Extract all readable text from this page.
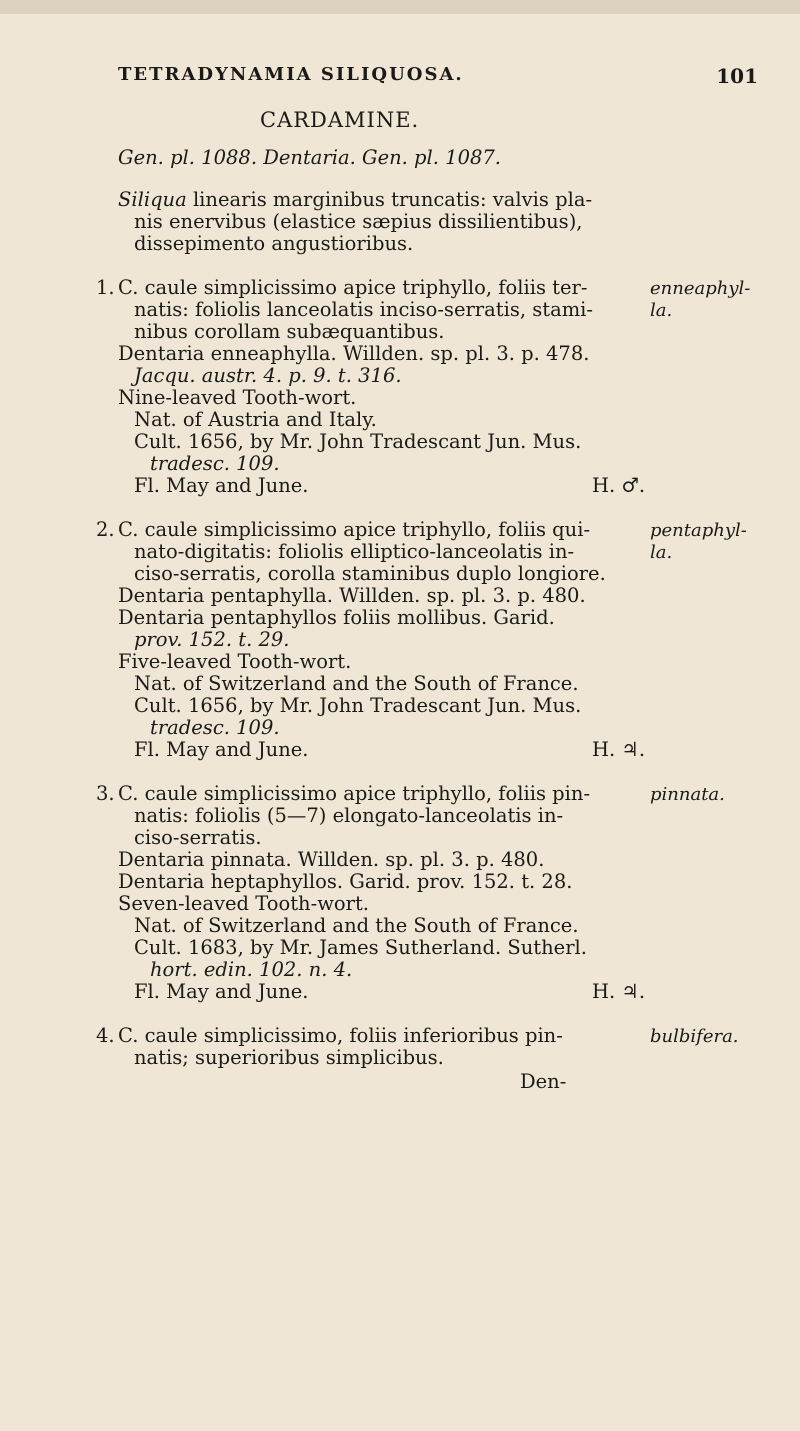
TETRADYNAMIA SILIQUOSA.	101
CARDAMINE.
Gen. pl. 1088. Dentaria. Gen. pl. 1087.
Siliqua linearis marginibus truncatis: valvis pla-
nis enervibus (elastice sæpius dissilientibus),
dissepimento angustioribus.
1. C. caule simplicissimo apice triphyllo, foliis ter-
natis: foliolis lanceolatis inciso-serratis, stami-
nibus corollam subæquantibus.
Dentaria enneaphylla. Willden. sp. pl. 3. p. 478.
Jacqu. austr. 4. p. 9. t. 316.
Nine-leaved Tooth-wort.
Nat. of Austria and Italy.
Cult. 1656, by Mr. John Tradescant Jun. Mus.
tradesc. 109.
Fl. May and June.	H. ♂.
enneaphyl-
la.
2. C. caule simplicissimo apice triphyllo, foliis qui-
nato-digitatis: foliolis elliptico-lanceolatis in-
ciso-serratis, corolla staminibus duplo longiore.
Dentaria pentaphylla. Willden. sp. pl. 3. p. 480.
Dentaria pentaphyllos foliis mollibus. Garid.
prov. 152. t. 29.
Five-leaved Tooth-wort.
Nat. of Switzerland and the South of France.
Cult. 1656, by Mr. John Tradescant Jun. Mus.
tradesc. 109.
Fl. May and June.	H. ♃.
pentaphyl-
la.
3. C. caule simplicissimo apice triphyllo, foliis pin-
natis: foliolis (5—7) elongato-lanceolatis in-
ciso-serratis.
Dentaria pinnata. Willden. sp. pl. 3. p. 480.
Dentaria heptaphyllos. Garid. prov. 152. t. 28.
Seven-leaved Tooth-wort.
Nat. of Switzerland and the South of France.
Cult. 1683, by Mr. James Sutherland. Sutherl.
hort. edin. 102. n. 4.
Fl. May and June.	H. ♃.
pinnata.
4. C. caule simplicissimo, foliis inferioribus pin-
natis; superioribus simplicibus.
bulbifera.
Den-
